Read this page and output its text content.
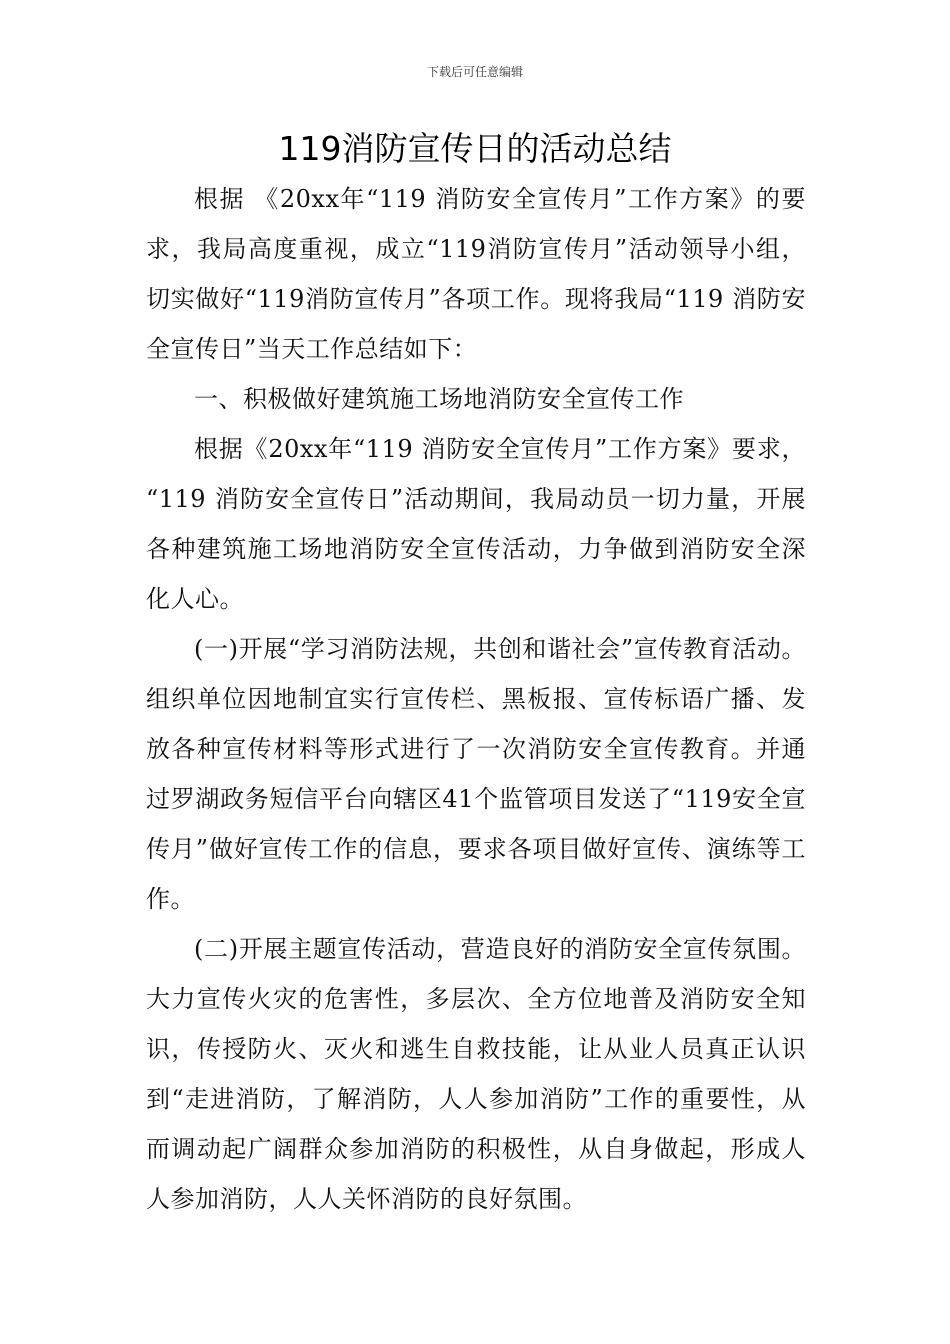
下载后可任意编辑
119消防宣传日的活动总结

根据 《20xx年“119 消防安全宣传月”工作方案》的要求，我局高度重视，成立“119消防宣传月”活动领导小组，切实做好“119消防宣传月”各项工作。现将我局“119 消防安全宣传日”当天工作总结如下：

一、积极做好建筑施工场地消防安全宣传工作

根据《20xx年“119 消防安全宣传月”工作方案》要求， “119 消防安全宣传日”活动期间，我局动员一切力量，开展各种建筑施工场地消防安全宣传活动，力争做到消防安全深化人心。

(一)开展“学习消防法规，共创和谐社会”宣传教育活动。组织单位因地制宜实行宣传栏、黑板报、宣传标语广播、发放各种宣传材料等形式进行了一次消防安全宣传教育。并通过罗湖政务短信平台向辖区41个监管项目发送了“119安全宣传月”做好宣传工作的信息，要求各项目做好宣传、演练等工作。

(二)开展主题宣传活动，营造良好的消防安全宣传氛围。大力宣传火灾的危害性，多层次、全方位地普及消防安全知识，传授防火、灭火和逃生自救技能，让从业人员真正认识到“走进消防，了解消防，人人参加消防”工作的重要性，从而调动起广阔群众参加消防的积极性，从自身做起，形成人人参加消防，人人关怀消防的良好氛围。
